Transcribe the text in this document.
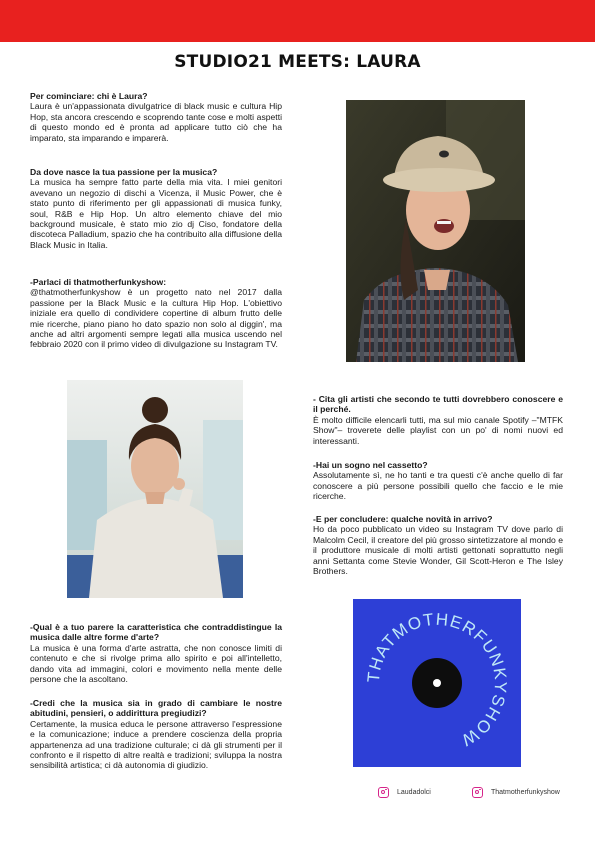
STUDIO21 MEETS: LAURA
Per cominciare: chi è Laura?
Laura è un'appassionata divulgatrice di black music e cultura Hip Hop, sta ancora crescendo e scoprendo tante cose e molti aspetti di questo mondo ed è pronta ad applicare tutto ciò che ha imparato, sta imparando e imparerà.
Da dove nasce la tua passione per la musica?
La musica ha sempre fatto parte della mia vita. I miei genitori avevano un negozio di dischi a Vicenza, il Music Power, che è stato punto di riferimento per gli appassionati di musica funky, soul, R&B e Hip Hop. Un altro elemento chiave del mio background musicale, è stato mio zio dj Ciso, fondatore della discoteca Palladium, spazio che ha contribuito alla diffusione della Black Music in Italia.
-Parlaci di thatmotherfunkyshow:
@thatmotherfunkyshow è un progetto nato nel 2017 dalla passione per la Black Music e la cultura Hip Hop. L'obiettivo iniziale era quello di condividere copertine di album frutto delle mie ricerche, piano piano ho dato spazio non solo al diggin', ma anche ad altri argomenti sempre legati alla musica uscendo nel febbraio 2020 con il primo video di divulgazione su Instagram TV.
- Cita gli artisti che secondo te tutti dovrebbero conoscere e il perché.
È molto difficile elencarli tutti, ma sul mio canale Spotify –"MTFK Show"– troverete delle playlist con un po' di nomi nuovi ed interessanti.
-Hai un sogno nel cassetto?
Assolutamente sì, ne ho tanti e tra questi c'è anche quello di far conoscere a più persone possibili quello che faccio e le mie ricerche.
-E per concludere: qualche novità in arrivo?
Ho da poco pubblicato un video su Instagram TV dove parlo di Malcolm Cecil, il creatore del più grosso sintetizzatore al mondo e il produttore musicale di molti artisti gettonati soprattutto negli anni Settanta come Stevie Wonder, Gil Scott-Heron e The Isley Brothers.
-Qual è a tuo parere la caratteristica che contraddistingue la musica dalle altre forme d'arte?
La musica è una forma d'arte astratta, che non conosce limiti di contenuto e che si rivolge prima allo spirito e poi all'intelletto, dando vita ad immagini, colori e movimento nella mente delle persone che la ascoltano.
-Credi che la musica sia in grado di cambiare le nostre abitudini, pensieri, o addirittura pregiudizi?
Certamente, la musica educa le persone attraverso l'espressione e la comunicazione; induce a prendere coscienza della propria appartenenza ad una tradizione culturale; ci dà gli strumenti per il confronto e il rispetto di altre realtà e tradizioni; sviluppa la nostra sensibilità artistica; ci dà autonomia di giudizio.
THATMOTHERFUNKYSHOW
Laudadolci	Thatmotherfunkyshow
